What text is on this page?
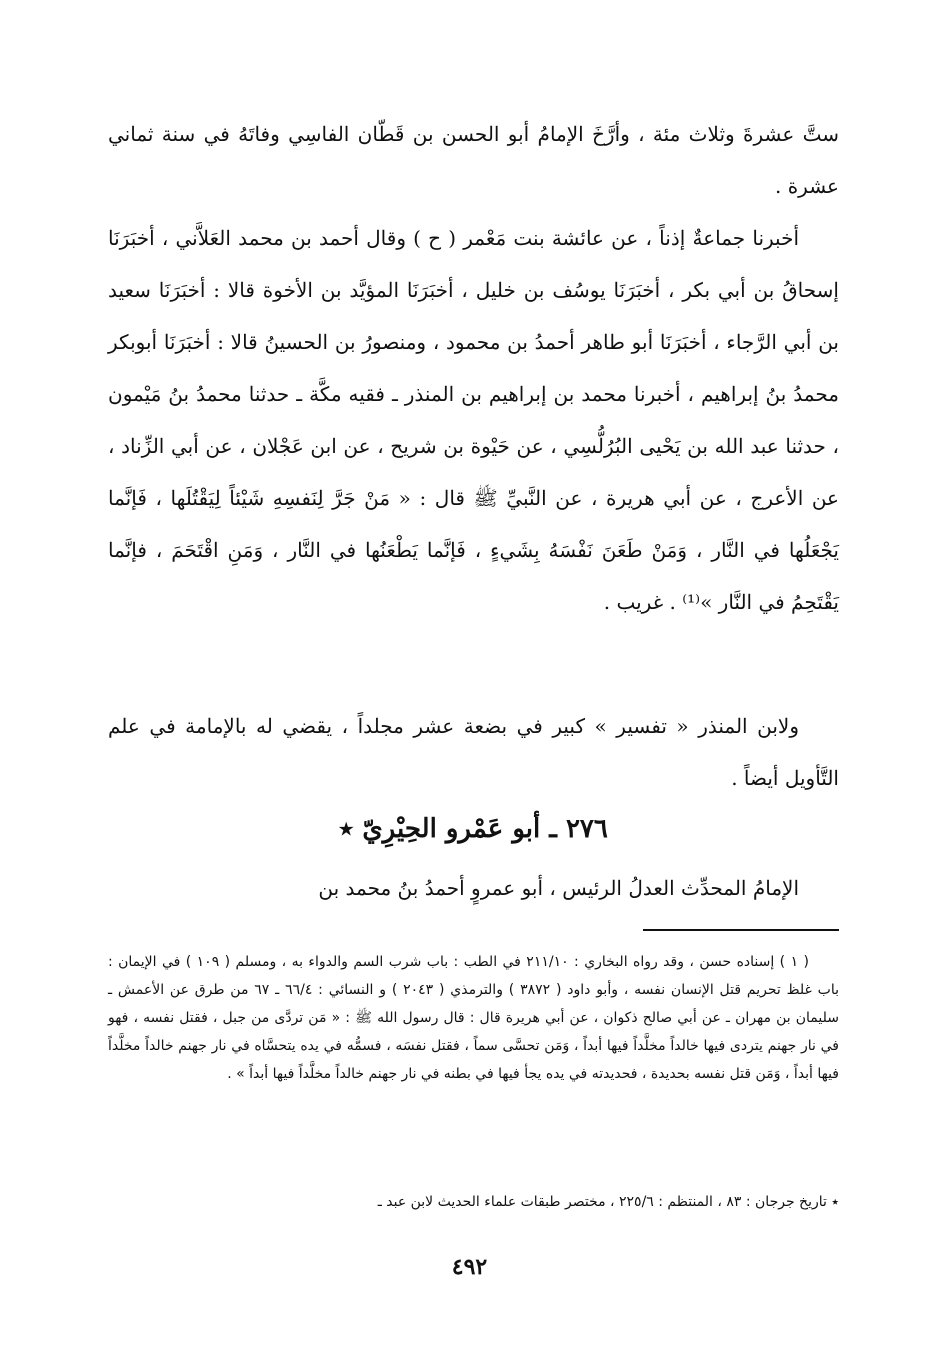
ستَّ عشرةَ وثلاث مئة ، وأرَّخَ الإمامُ أبو الحسن بن قَطّان الفاسِي وفاتَهُ في سنة ثماني عشرة .

أخبرنا جماعةٌ إذناً ، عن عائشة بنت مَعْمر ( ح ) وقال أحمد بن محمد العَلاَّني ، أخبَرَنَا إسحاقُ بن أبي بكر ، أخبَرَنَا يوسُف بن خليل ، أخبَرَنَا المؤيَّد بن الأخوة قالا : أخبَرَنَا سعيد بن أبي الرَّجاء ، أخبَرَنَا أبو طاهر أحمدُ بن محمود ، ومنصورُ بن الحسينُ قالا : أخبَرَنَا أبوبكر محمدُ بنُ إبراهيم ، أخبرنا محمد بن إبراهيم بن المنذر ـ فقيه مكَّة ـ حدثنا محمدُ بنُ مَيْمون ، حدثنا عبد الله بن يَحْيى البُرُلُّسِي ، عن حَيْوة بن شريح ، عن ابن عَجْلان ، عن أبي الزِّناد ، عن الأعرج ، عن أبي هريرة ، عن النَّبيِّ ﷺ قال : « مَنْ جَرَّ لِنَفسِهِ شَيْئاً لِيَقْتُلَها ، فَإنَّما يَجْعَلُها في النَّار ، وَمَنْ طَعَنَ نَفْسَهُ بِشَيءٍ ، فَإنَّما يَطْعَنُها في النَّار ، وَمَنِ اقْتَحَمَ ، فإنَّما يَقْتَحِمُ في النَّار »⁽¹⁾ . غريب .

ولابن المنذر « تفسير » كبير في بضعة عشر مجلداً ، يقضي له بالإمامة في علم التَّأويل أيضاً .

٢٧٦ ـ أبو عَمْرو الحِيْرِيّ ٭

الإمامُ المحدِّث العدلُ الرئيس ، أبو عمروٍ أحمدُ بنُ محمد بن

( ١ ) إسناده حسن ، وقد رواه البخاري : ٢١١/١٠ في الطب : باب شرب السم والدواء به ، ومسلم ( ١٠٩ ) في الإيمان : باب غلظ تحريم قتل الإنسان نفسه ، وأبو داود ( ٣٨٧٢ ) والترمذي ( ٢٠٤٣ ) و النسائي : ٦٦/٤ ـ ٦٧ من طرق عن الأعمش ـ سليمان بن مهران ـ عن أبي صالح ذكوان ، عن أبي هريرة قال : قال رسول الله ﷺ : « مَن تردَّى من جبل ، فقتل نفسه ، فهو في نار جهنم يتردى فيها خالداً مخلَّداً فيها أبداً ، وَمَن تحسَّى سماً ، فقتل نفسَه ، فسمُّه في يده يتحسَّاه في نار جهنم خالداً مخلَّداً فيها أبداً ، وَمَن قتل نفسه بحديدة ، فحديدته في يده يجأ فيها في بطنه في نار جهنم خالداً مخلَّداً فيها أبداً » .

٭ تاريخ جرجان : ٨٣ ، المنتظم : ٢٢٥/٦ ، مختصر طبقات علماء الحديث لابن عبد ـ
٤٩٢
